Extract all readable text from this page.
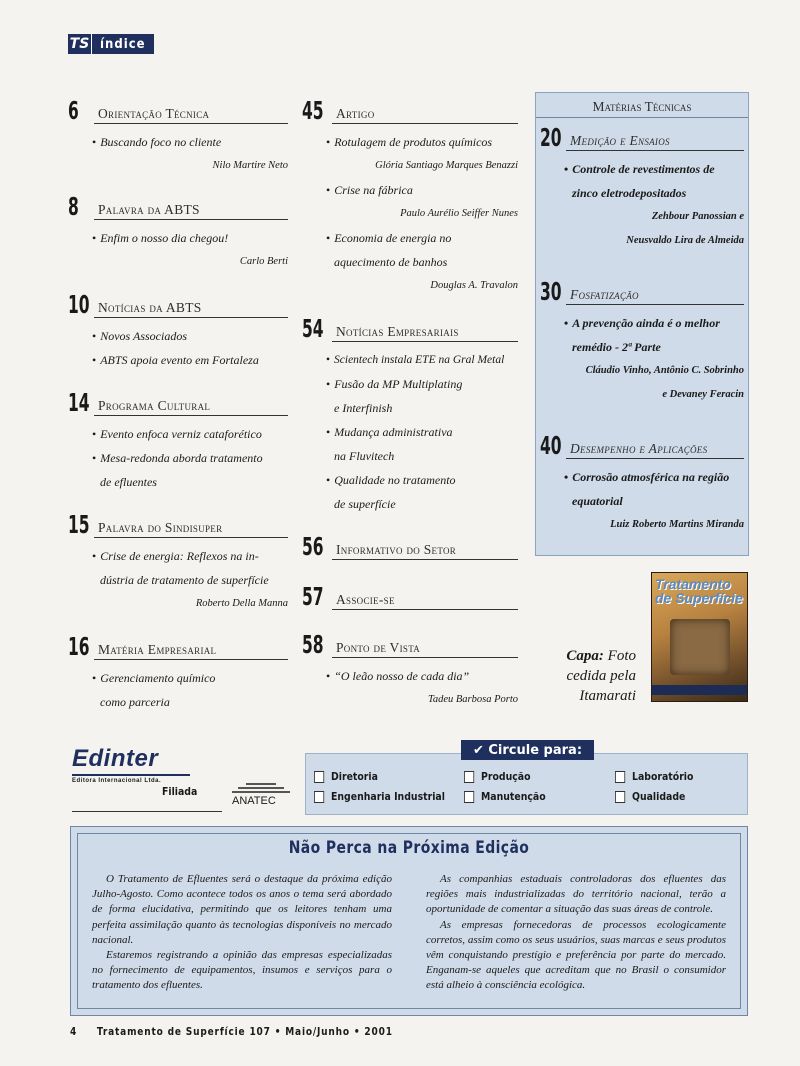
TS índice
6	Orientação Técnica
• Buscando foco no cliente
Nilo Martire Neto
8	Palavra da ABTS
• Enfim o nosso dia chegou!
Carlo Berti
10 Notícias da ABTS
• Novos Associados
• ABTS apoia evento em Fortaleza
14 Programa Cultural
• Evento enfoca verniz cataforético
• Mesa-redonda aborda tratamento
de efluentes
15 Palavra do Sindisuper
• Crise de energia: Reflexos na in-
dústria de tratamento de superfície
Roberto Della Manna
16 Matéria Empresarial
• Gerenciamento químico
como parceria
45 Artigo
• Rotulagem de produtos químicos
Glória Santiago Marques Benazzi
• Crise na fábrica
Paulo Aurélio Seiffer Nunes
• Economia de energia no
aquecimento de banhos
Douglas A. Travalon
54 Notícias Empresariais
• Scientech instala ETE na Gral Metal
• Fusão da MP Multiplating
e Interfinish
• Mudança administrativa
na Fluvitech
• Qualidade no tratamento
de superfície
56 Informativo do Setor
57 Associe-se
58 Ponto de Vista
• “O leão nosso de cada dia”
Tadeu Barbosa Porto
Matérias Técnicas
20 Medição e Ensaios
• Controle de revestimentos de
zinco eletrodepositados
Zehbour Panossian e
Neusvaldo Lira de Almeida
30 Fosfatização
• A prevenção ainda é o melhor
remédio - 2ª Parte
Cláudio Vinho, Antônio C. Sobrinho
e Devaney Feracin
40 Desempenho e Aplicações
• Corrosão atmosférica na região
equatorial
Luiz Roberto Martins Miranda
Capa: Foto cedida pela Itamarati
Tratamento de Superfície
Edinter
Editora Internacional Ltda.
Filiada
ANATEC
✔ Circule para:
Diretoria
Engenharia Industrial
Produção
Manutenção
Laboratório
Qualidade
Não Perca na Próxima Edição

O Tratamento de Efluentes será o destaque da próxima edição Julho-Agosto. Como acontece todos os anos o tema será abordado de forma elucidativa, permitindo que os leitores tenham uma perfeita assimilação quanto às tecnologias disponíveis no mercado nacional.

Estaremos registrando a opinião das empresas especializadas no fornecimento de equipamentos, insumos e serviços para o tratamento dos efluentes.

As companhias estaduais controladoras dos efluentes das regiões mais industrializadas do território nacional, terão a oportunidade de comentar a situação das suas áreas de controle.

As empresas fornecedoras de processos ecologicamente corretos, assim como os seus usuários, suas marcas e seus produtos vêm conquistando prestígio e preferência por parte do mercado. Enganam-se aqueles que acreditam que no Brasil o consumidor está alheio à consciência ecológica.

4     Tratamento de Superfície 107 • Maio/Junho • 2001
